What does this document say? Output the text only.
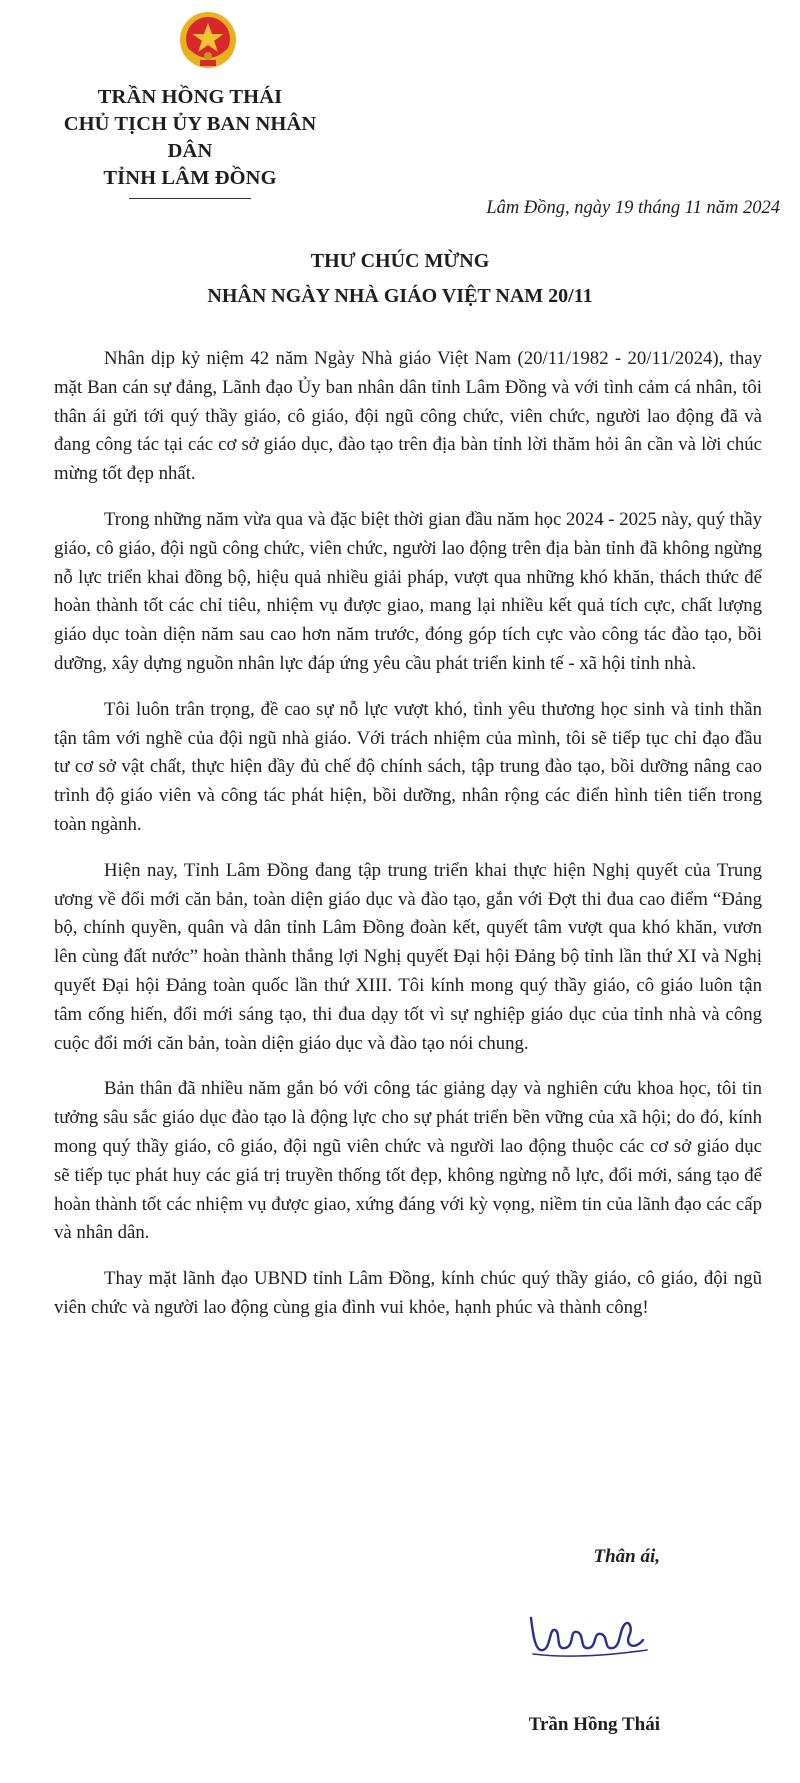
TRẦN HỒNG THÁI
CHỦ TỊCH ỦY BAN NHÂN DÂN
TỈNH LÂM ĐỒNG
Lâm Đồng, ngày 19 tháng 11 năm 2024
THƯ CHÚC MỪNG
NHÂN NGÀY NHÀ GIÁO VIỆT NAM 20/11

Nhân dịp kỷ niệm 42 năm Ngày Nhà giáo Việt Nam (20/11/1982 - 20/11/2024), thay mặt Ban cán sự đảng, Lãnh đạo Ủy ban nhân dân tỉnh Lâm Đồng và với tình cảm cá nhân, tôi thân ái gửi tới quý thầy giáo, cô giáo, đội ngũ công chức, viên chức, người lao động đã và đang công tác tại các cơ sở giáo dục, đào tạo trên địa bàn tỉnh lời thăm hỏi ân cần và lời chúc mừng tốt đẹp nhất.

Trong những năm vừa qua và đặc biệt thời gian đầu năm học 2024 - 2025 này, quý thầy giáo, cô giáo, đội ngũ công chức, viên chức, người lao động trên địa bàn tỉnh đã không ngừng nỗ lực triển khai đồng bộ, hiệu quả nhiều giải pháp, vượt qua những khó khăn, thách thức để hoàn thành tốt các chỉ tiêu, nhiệm vụ được giao, mang lại nhiều kết quả tích cực, chất lượng giáo dục toàn diện năm sau cao hơn năm trước, đóng góp tích cực vào công tác đào tạo, bồi dưỡng, xây dựng nguồn nhân lực đáp ứng yêu cầu phát triển kinh tế - xã hội tỉnh nhà.

Tôi luôn trân trọng, đề cao sự nỗ lực vượt khó, tình yêu thương học sinh và tinh thần tận tâm với nghề của đội ngũ nhà giáo. Với trách nhiệm của mình, tôi sẽ tiếp tục chỉ đạo đầu tư cơ sở vật chất, thực hiện đầy đủ chế độ chính sách, tập trung đào tạo, bồi dưỡng nâng cao trình độ giáo viên và công tác phát hiện, bồi dưỡng, nhân rộng các điển hình tiên tiến trong toàn ngành.

Hiện nay, Tỉnh Lâm Đồng đang tập trung triển khai thực hiện Nghị quyết của Trung ương về đổi mới căn bản, toàn diện giáo dục và đào tạo, gắn với Đợt thi đua cao điểm “Đảng bộ, chính quyền, quân và dân tỉnh Lâm Đồng đoàn kết, quyết tâm vượt qua khó khăn, vươn lên cùng đất nước” hoàn thành thắng lợi Nghị quyết Đại hội Đảng bộ tỉnh lần thứ XI và Nghị quyết Đại hội Đảng toàn quốc lần thứ XIII. Tôi kính mong quý thầy giáo, cô giáo luôn tận tâm cống hiến, đổi mới sáng tạo, thi đua dạy tốt vì sự nghiệp giáo dục của tỉnh nhà và công cuộc đổi mới căn bản, toàn diện giáo dục và đào tạo nói chung.

Bản thân đã nhiều năm gắn bó với công tác giảng dạy và nghiên cứu khoa học, tôi tin tưởng sâu sắc giáo dục đào tạo là động lực cho sự phát triển bền vững của xã hội; do đó, kính mong quý thầy giáo, cô giáo, đội ngũ viên chức và người lao động thuộc các cơ sở giáo dục sẽ tiếp tục phát huy các giá trị truyền thống tốt đẹp, không ngừng nỗ lực, đổi mới, sáng tạo để hoàn thành tốt các nhiệm vụ được giao, xứng đáng với kỳ vọng, niềm tin của lãnh đạo các cấp và nhân dân.

Thay mặt lãnh đạo UBND tỉnh Lâm Đồng, kính chúc quý thầy giáo, cô giáo, đội ngũ viên chức và người lao động cùng gia đình vui khỏe, hạnh phúc và thành công!

Thân ái,
Trần Hồng Thái
